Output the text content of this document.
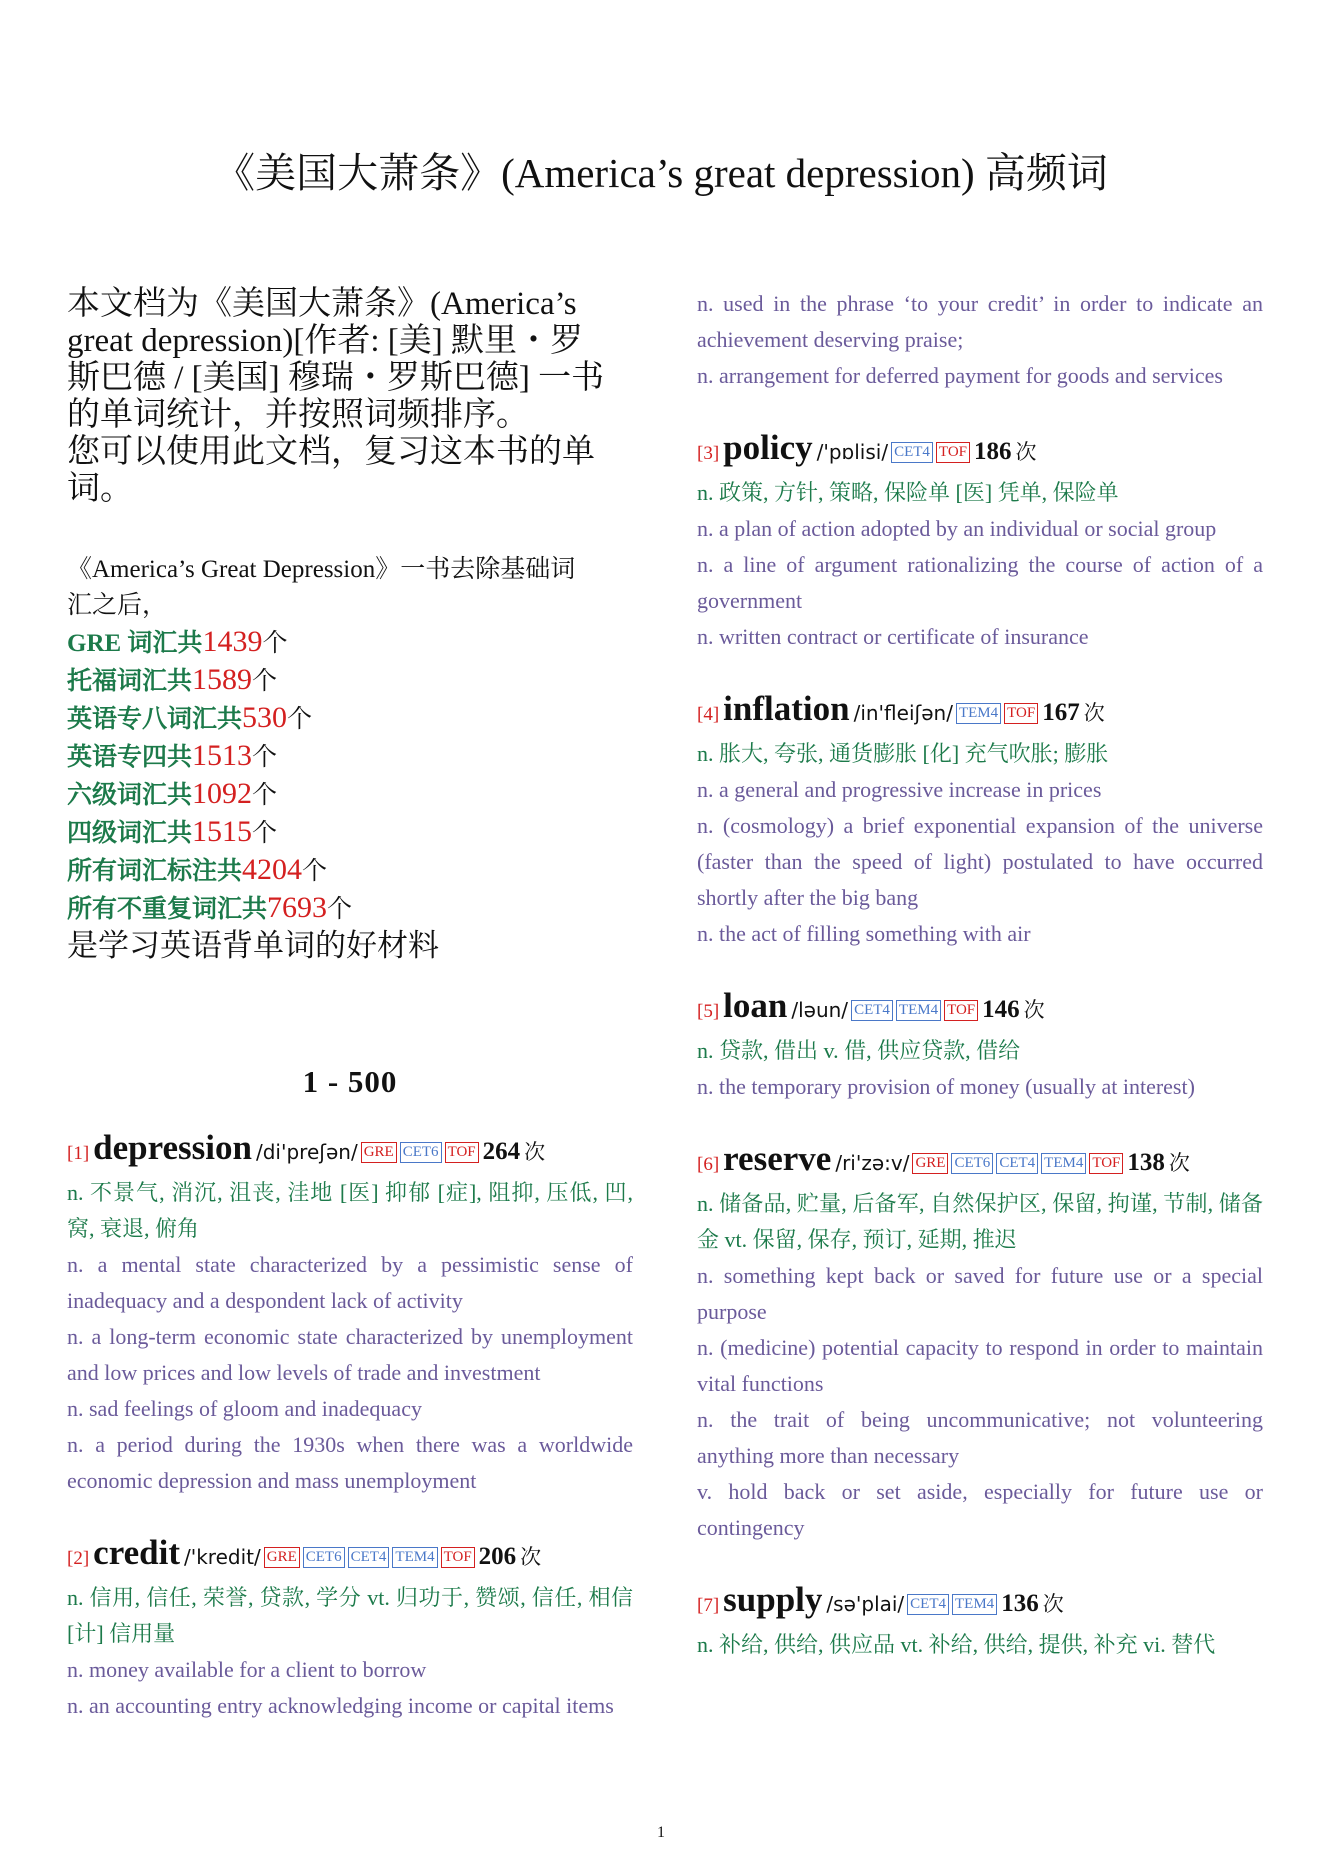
《美国大萧条》(America’s great depression) 高频词

本文档为《美国大萧条》(America’s
great depression)[作者: [美] 默里・罗
斯巴德 / [美国] 穆瑞・罗斯巴德] 一书
的单词统计，并按照词频排序。
您可以使用此文档，复习这本书的单
词。

《America’s Great Depression》一书去除基础词
汇之后，
GRE 词汇共1439个
托福词汇共1589个
英语专八词汇共530个
英语专四共1513个
六级词汇共1092个
四级词汇共1515个
所有词汇标注共4204个
所有不重复词汇共7693个
是学习英语背单词的好材料
1 - 500
[1] depression /di'preʃən/ GRE CET6 TOF 264 次
n. 不景气, 消沉, 沮丧, 洼地 [医] 抑郁 [症], 阻抑, 压低, 凹, 窝, 衰退, 俯角
n. a mental state characterized by a pessimistic sense of inadequacy and a despondent lack of activity
n. a long-term economic state characterized by unemployment and low prices and low levels of trade and investment
n. sad feelings of gloom and inadequacy
n. a period during the 1930s when there was a worldwide economic depression and mass unemployment
[2] credit /'kredit/ GRE CET6 CET4 TEM4 TOF 206 次
n. 信用, 信任, 荣誉, 贷款, 学分 vt. 归功于, 赞颂, 信任, 相信 [计] 信用量
n. money available for a client to borrow
n. an accounting entry acknowledging income or capital items
n. used in the phrase ‘to your credit’ in order to indicate an achievement deserving praise;
n. arrangement for deferred payment for goods and services
[3] policy /'pɒlisi/ CET4 TOF 186 次
n. 政策, 方针, 策略, 保险单 [医] 凭单, 保险单
n. a plan of action adopted by an individual or social group
n. a line of argument rationalizing the course of action of a government
n. written contract or certificate of insurance
[4] inflation /in'fleiʃən/ TEM4 TOF 167 次
n. 胀大, 夸张, 通货膨胀 [化] 充气吹胀; 膨胀
n. a general and progressive increase in prices
n. (cosmology) a brief exponential expansion of the universe (faster than the speed of light) postulated to have occurred shortly after the big bang
n. the act of filling something with air
[5] loan /ləun/ CET4 TEM4 TOF 146 次
n. 贷款, 借出 v. 借, 供应贷款, 借给
n. the temporary provision of money (usually at interest)
[6] reserve /ri'zə:v/ GRE CET6 CET4 TEM4 TOF 138 次
n. 储备品, 贮量, 后备军, 自然保护区, 保留, 拘谨, 节制, 储备金 vt. 保留, 保存, 预订, 延期, 推迟
n. something kept back or saved for future use or a special purpose
n. (medicine) potential capacity to respond in order to maintain vital functions
n. the trait of being uncommunicative; not volunteering anything more than necessary
v. hold back or set aside, especially for future use or contingency
[7] supply /sə'plai/ CET4 TEM4 136 次
n. 补给, 供给, 供应品 vt. 补给, 供给, 提供, 补充 vi. 替代
1
